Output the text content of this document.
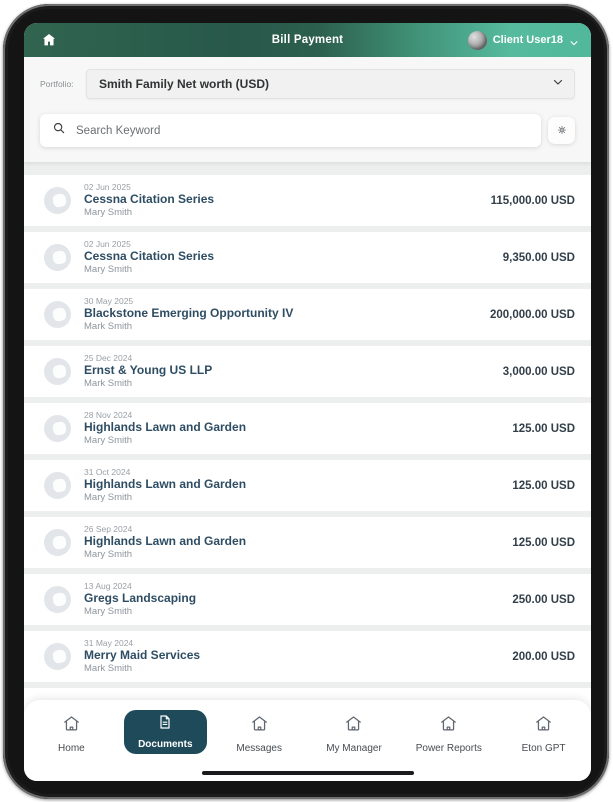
Bill Payment	Client User18
Portfolio:	Smith Family Net worth (USD)
Search Keyword
02 Jun 2025
Cessna Citation Series
Mary Smith
115,000.00 USD
02 Jun 2025
Cessna Citation Series
Mary Smith
9,350.00 USD
30 May 2025
Blackstone Emerging Opportunity IV
Mark Smith
200,000.00 USD
25 Dec 2024
Ernst & Young US LLP
Mark Smith
3,000.00 USD
28 Nov 2024
Highlands Lawn and Garden
Mary Smith
125.00 USD
31 Oct 2024
Highlands Lawn and Garden
Mary Smith
125.00 USD
26 Sep 2024
Highlands Lawn and Garden
Mary Smith
125.00 USD
13 Aug 2024
Gregs Landscaping
Mary Smith
250.00 USD
31 May 2024
Merry Maid Services
Mark Smith
200.00 USD
Home	Documents	Messages	My Manager	Power Reports	Eton GPT
